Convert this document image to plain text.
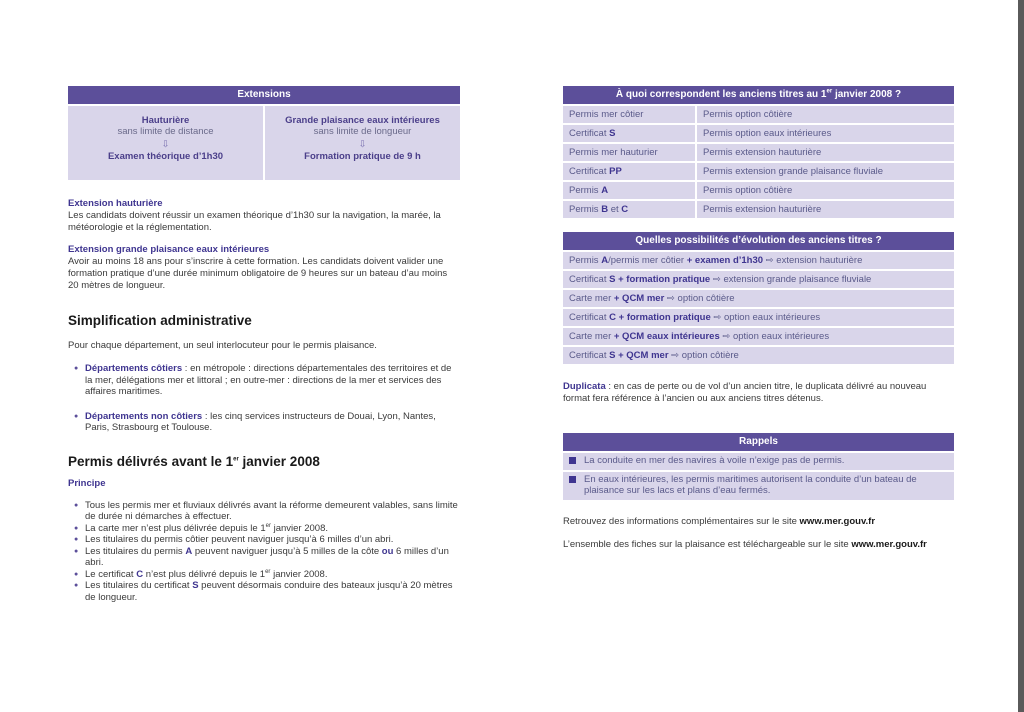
Extensions
Hauturière
sans limite de distance
⇩
Examen théorique d’1h30
Grande plaisance eaux intérieures
sans limite de longueur
⇩
Formation pratique de 9 h
Extension hauturière
Les candidats doivent réussir un examen théorique d’1h30 sur la navigation, la marée, la météorologie et la réglementation.
Extension grande plaisance eaux intérieures
Avoir au moins 18 ans pour s’inscrire à cette formation. Les candidats doivent valider une formation pratique d’une durée minimum obligatoire de 9 heures sur un bateau d’au moins 20 mètres de longueur.
Simplification administrative
Pour chaque département, un seul interlocuteur pour le permis plaisance.
● Départements côtiers : en métropole : directions départementales des territoires et de la mer, délégations mer et littoral ; en outre-mer : directions de la mer et services des affaires maritimes.
● Départements non côtiers : les cinq services instructeurs de Douai, Lyon, Nantes, Paris, Strasbourg et Toulouse.
Permis délivrés avant le 1er janvier 2008
Principe
● Tous les permis mer et fluviaux délivrés avant la réforme demeurent valables, sans limite de durée ni démarches à effectuer.
● La carte mer n’est plus délivrée depuis le 1er janvier 2008.
● Les titulaires du permis côtier peuvent naviguer jusqu’à 6 milles d’un abri.
● Les titulaires du permis A peuvent naviguer jusqu’à 5 milles de la côte ou 6 milles d’un abri.
● Le certificat C n’est plus délivré depuis le 1er janvier 2008.
● Les titulaires du certificat S peuvent désormais conduire des bateaux jusqu’à 20 mètres de longueur.
À quoi correspondent les anciens titres au 1er janvier 2008 ?
Permis mer côtier	Permis option côtière
Certificat S	Permis option eaux intérieures
Permis mer hauturier	Permis extension hauturière
Certificat PP	Permis extension grande plaisance fluviale
Permis A	Permis option côtière
Permis B et C	Permis extension hauturière
Quelles possibilités d’évolution des anciens titres ?
Permis A/permis mer côtier + examen d’1h30 ⇨ extension hauturière
Certificat S + formation pratique ⇨ extension grande plaisance fluviale
Carte mer + QCM mer ⇨ option côtière
Certificat C + formation pratique ⇨ option eaux intérieures
Carte mer + QCM eaux intérieures ⇨ option eaux intérieures
Certificat S + QCM mer ⇨ option côtière
Duplicata : en cas de perte ou de vol d’un ancien titre, le duplicata délivré au nouveau format fera référence à l’ancien ou aux anciens titres détenus.
Rappels
La conduite en mer des navires à voile n’exige pas de permis.
En eaux intérieures, les permis maritimes autorisent la conduite d’un bateau de plaisance sur les lacs et plans d’eau fermés.
Retrouvez des informations complémentaires sur le site www.mer.gouv.fr
L’ensemble des fiches sur la plaisance est téléchargeable sur le site www.mer.gouv.fr
